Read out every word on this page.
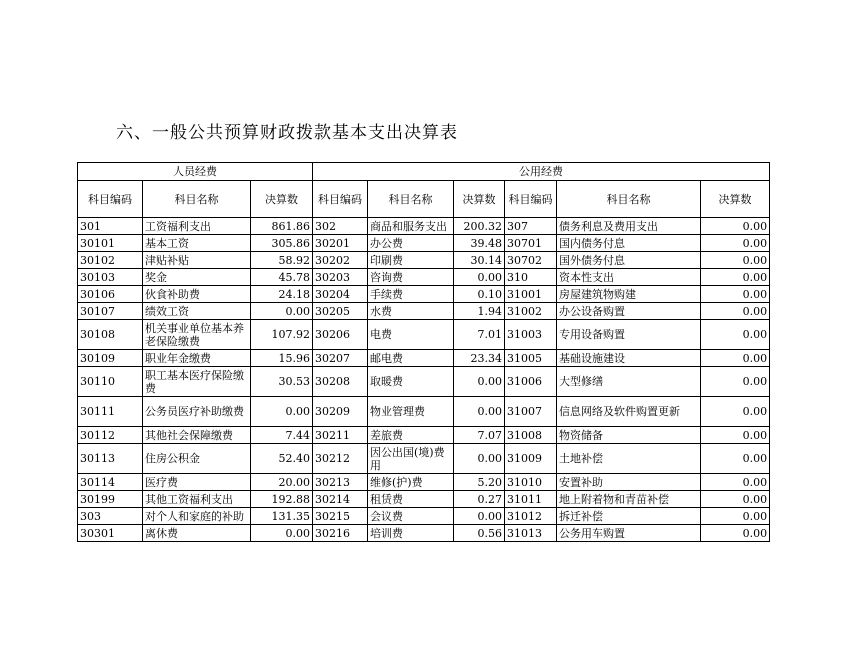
六、一般公共预算财政拨款基本支出决算表
人员经费			公用经费					
科目编码	科目名称	决算数	科目编码	科目名称	决算数	科目编码	科目名称	决算数
301	工资福利支出	861.86	302	商品和服务支出	200.32	307	债务利息及费用支出	0.00
30101	基本工资	305.86	30201	办公费	39.48	30701	国内债务付息	0.00
30102	津贴补贴	58.92	30202	印刷费	30.14	30702	国外债务付息	0.00
30103	奖金	45.78	30203	咨询费	0.00	310	资本性支出	0.00
30106	伙食补助费	24.18	30204	手续费	0.10	31001	房屋建筑物购建	0.00
30107	绩效工资	0.00	30205	水费	1.94	31002	办公设备购置	0.00
30108	机关事业单位基本养老保险缴费	107.92	30206	电费	7.01	31003	专用设备购置	0.00
30109	职业年金缴费	15.96	30207	邮电费	23.34	31005	基础设施建设	0.00
30110	职工基本医疗保险缴费	30.53	30208	取暖费	0.00	31006	大型修缮	0.00
30111	公务员医疗补助缴费	0.00	30209	物业管理费	0.00	31007	信息网络及软件购置更新	0.00
30112	其他社会保障缴费	7.44	30211	差旅费	7.07	31008	物资储备	0.00
30113	住房公积金	52.40	30212	因公出国(境)费用	0.00	31009	土地补偿	0.00
30114	医疗费	20.00	30213	维修(护)费	5.20	31010	安置补助	0.00
30199	其他工资福利支出	192.88	30214	租赁费	0.27	31011	地上附着物和青苗补偿	0.00
303	对个人和家庭的补助	131.35	30215	会议费	0.00	31012	拆迁补偿	0.00
30301	离休费	0.00	30216	培训费	0.56	31013	公务用车购置	0.00
